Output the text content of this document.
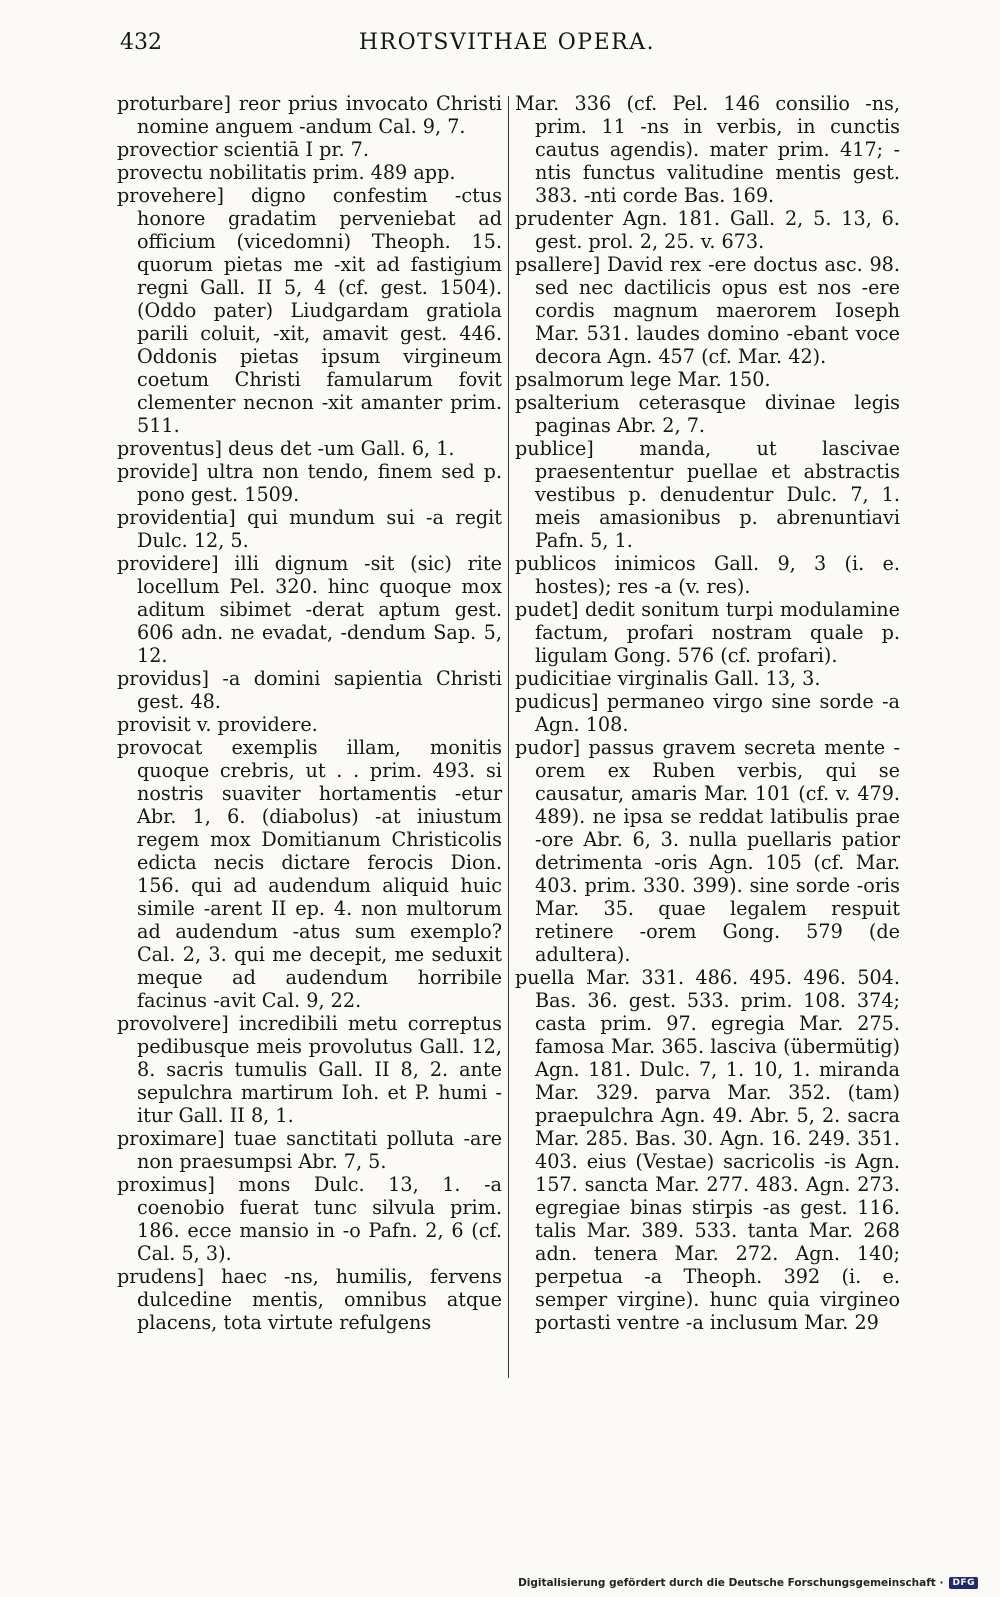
432	HROTSVITHAE OPERA.

proturbare] reor prius invocato Christi nomine anguem -andum Cal. 9, 7.

provectior scientiā I pr. 7.

provectu nobilitatis prim. 489 app.

provehere] digno confestim -ctus honore gradatim perveniebat ad officium (vicedomni) Theoph. 15. quorum pietas me -xit ad fastigium regni Gall. II 5, 4 (cf. gest. 1504). (Oddo pater) Liudgardam gratiola parili coluit, -xit, amavit gest. 446. Oddonis pietas ipsum virgineum coetum Christi famularum fovit clementer necnon -xit amanter prim. 511.

proventus] deus det -um Gall. 6, 1.

provide] ultra non tendo, finem sed p. pono gest. 1509.

providentia] qui mundum sui -a regit Dulc. 12, 5.

providere] illi dignum -sit (sic) rite locellum Pel. 320. hinc quoque mox aditum sibimet -derat aptum gest. 606 adn. ne evadat, -dendum Sap. 5, 12.

providus] -a domini sapientia Christi gest. 48.

provisit v. providere.

provocat exemplis illam, monitis quoque crebris, ut . . prim. 493. si nostris suaviter hortamentis -etur Abr. 1, 6. (diabolus) -at iniustum regem mox Domitianum Christicolis edicta necis dictare ferocis Dion. 156. qui ad audendum aliquid huic simile -arent II ep. 4. non multorum ad audendum -atus sum exemplo? Cal. 2, 3. qui me decepit, me seduxit meque ad audendum horribile facinus -avit Cal. 9, 22.

provolvere] incredibili metu correptus pedibusque meis provolutus Gall. 12, 8. sacris tumulis Gall. II 8, 2. ante sepulchra martirum Ioh. et P. humi -itur Gall. II 8, 1.

proximare] tuae sanctitati polluta -are non praesumpsi Abr. 7, 5.

proximus] mons Dulc. 13, 1. -a coenobio fuerat tunc silvula prim. 186. ecce mansio in -o Pafn. 2, 6 (cf. Cal. 5, 3).

prudens] haec -ns, humilis, fervens dulcedine mentis, omnibus atque placens, tota virtute refulgens

Mar. 336 (cf. Pel. 146 consilio -ns, prim. 11 -ns in verbis, in cunctis cautus agendis). mater prim. 417; -ntis functus valitudine mentis gest. 383. -nti corde Bas. 169.

prudenter Agn. 181. Gall. 2, 5. 13, 6. gest. prol. 2, 25. v. 673.

psallere] David rex -ere doctus asc. 98. sed nec dactilicis opus est nos -ere cordis magnum maerorem Ioseph Mar. 531. laudes domino -ebant voce decora Agn. 457 (cf. Mar. 42).

psalmorum lege Mar. 150.

psalterium ceterasque divinae legis paginas Abr. 2, 7.

publice] manda, ut lascivae praesententur puellae et abstractis vestibus p. denudentur Dulc. 7, 1. meis amasionibus p. abrenuntiavi Pafn. 5, 1.

publicos inimicos Gall. 9, 3 (i. e. hostes); res -a (v. res).

pudet] dedit sonitum turpi modulamine factum, profari nostram quale p. ligulam Gong. 576 (cf. profari).

pudicitiae virginalis Gall. 13, 3.

pudicus] permaneo virgo sine sorde -a Agn. 108.

pudor] passus gravem secreta mente -orem ex Ruben verbis, qui se causatur, amaris Mar. 101 (cf. v. 479. 489). ne ipsa se reddat latibulis prae -ore Abr. 6, 3. nulla puellaris patior detrimenta -oris Agn. 105 (cf. Mar. 403. prim. 330. 399). sine sorde -oris Mar. 35. quae legalem respuit retinere -orem Gong. 579 (de adultera).

puella Mar. 331. 486. 495. 496. 504. Bas. 36. gest. 533. prim. 108. 374; casta prim. 97. egregia Mar. 275. famosa Mar. 365. lasciva (übermütig) Agn. 181. Dulc. 7, 1. 10, 1. miranda Mar. 329. parva Mar. 352. (tam) praepulchra Agn. 49. Abr. 5, 2. sacra Mar. 285. Bas. 30. Agn. 16. 249. 351. 403. eius (Vestae) sacricolis -is Agn. 157. sancta Mar. 277. 483. Agn. 273. egregiae binas stirpis -as gest. 116. talis Mar. 389. 533. tanta Mar. 268 adn. tenera Mar. 272. Agn. 140; perpetua -a Theoph. 392 (i. e. semper virgine). hunc quia virgineo portasti ventre -a inclusum Mar. 29

Digitalisierung gefördert durch die Deutsche Forschungsgemeinschaft ·	DFG
